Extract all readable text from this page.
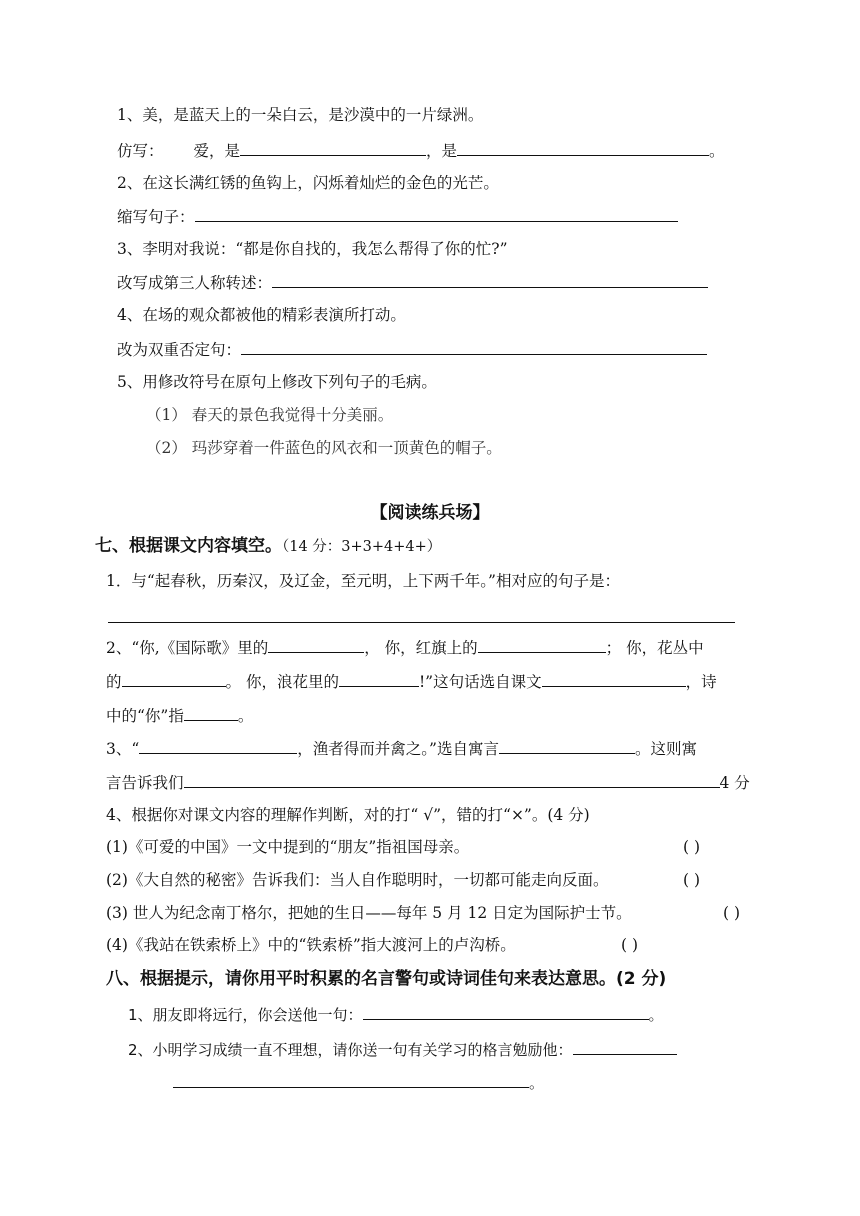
1、美，是蓝天上的一朵白云，是沙漠中的一片绿洲。
仿写： 爱，是	，是	。
2、在这长满红锈的鱼钩上，闪烁着灿烂的金色的光芒。
缩写句子：
3、李明对我说：“都是你自找的，我怎么帮得了你的忙?”
改写成第三人称转述：
4、在场的观众都被他的精彩表演所打动。
改为双重否定句：
5、用修改符号在原句上修改下列句子的毛病。
（1） 春天的景色我觉得十分美丽。
（2） 玛莎穿着一件蓝色的风衣和一顶黄色的帽子。
【阅读练兵场】
七、根据课文内容填空。（14 分：3+3+4+4+）
1．与“起春秋，历秦汉，及辽金，至元明，上下两千年。”相对应的句子是：
2、“你,《国际歌》里的	， 你，红旗上的	； 你，花丛中
的	。 你，浪花里的	!”这句话选自课文	，诗
中的“你”指	。
3、“	，渔者得而并禽之。”选自寓言	。这则寓
言告诉我们	4 分
4、根据你对课文内容的理解作判断，对的打“ √”，错的打“×”。(4 分)
(1)《可爱的中国》一文中提到的“朋友”指祖国母亲。	( )
(2)《大自然的秘密》告诉我们：当人自作聪明时，一切都可能走向反面。	( )
(3) 世人为纪念南丁格尔，把她的生日——每年 5 月 12 日定为国际护士节。	( )
(4)《我站在铁索桥上》中的“铁索桥”指大渡河上的卢沟桥。	( )
八、根据提示，请你用平时积累的名言警句或诗词佳句来表达意思。(2 分)
1、朋友即将远行，你会送他一句：	。
2、小明学习成绩一直不理想，请你送一句有关学习的格言勉励他：
。
